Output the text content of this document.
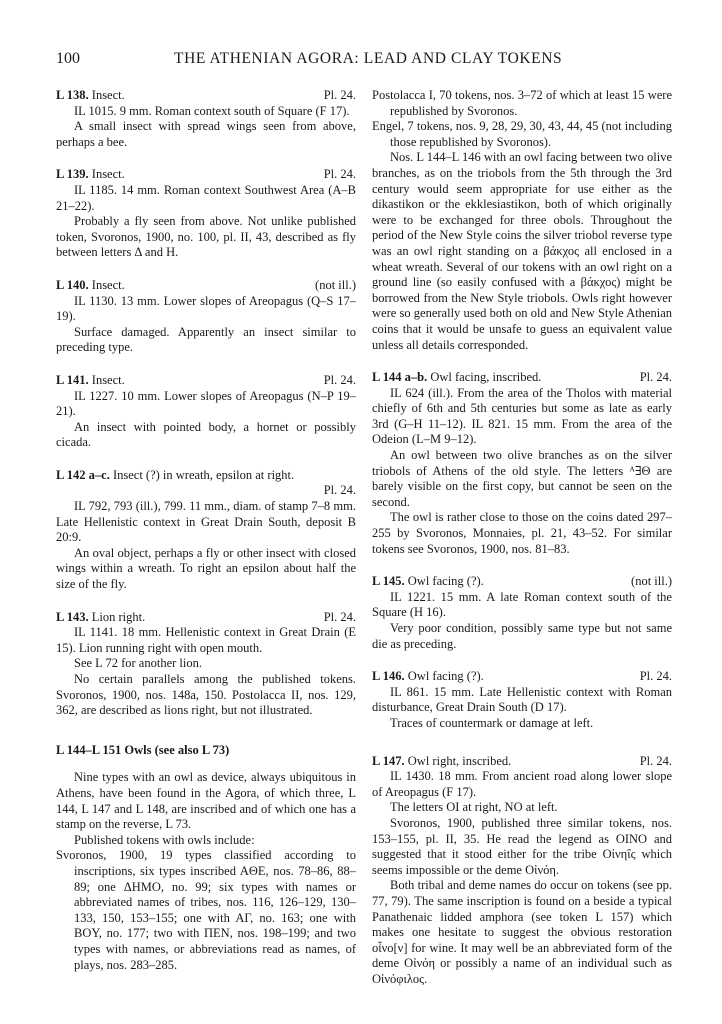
100	THE ATHENIAN AGORA: LEAD AND CLAY TOKENS
L 138. Insect.	Pl. 24.

IL 1015. 9 mm. Roman context south of Square (F 17).

A small insect with spread wings seen from above, perhaps a bee.

L 139. Insect.	Pl. 24.

IL 1185. 14 mm. Roman context Southwest Area (A–B 21–22).

Probably a fly seen from above. Not unlike published token, Svoronos, 1900, no. 100, pl. II, 43, described as fly between letters Δ and H.

L 140. Insect.	(not ill.)

IL 1130. 13 mm. Lower slopes of Areopagus (Q–S 17–19).

Surface damaged. Apparently an insect similar to preceding type.

L 141. Insect.	Pl. 24.

IL 1227. 10 mm. Lower slopes of Areopagus (N–P 19–21).

An insect with pointed body, a hornet or possibly cicada.

L 142 a–c. Insect (?) in wreath, epsilon at right.
Pl. 24.

IL 792, 793 (ill.), 799. 11 mm., diam. of stamp 7–8 mm. Late Hellenistic context in Great Drain South, deposit B 20:9.

An oval object, perhaps a fly or other insect with closed wings within a wreath. To right an epsilon about half the size of the fly.

L 143. Lion right.	Pl. 24.

IL 1141. 18 mm. Hellenistic context in Great Drain (E 15). Lion running right with open mouth.

See L 72 for another lion.

No certain parallels among the published tokens. Svoronos, 1900, nos. 148a, 150. Postolacca II, nos. 129, 362, are described as lions right, but not illustrated.

L 144–L 151 Owls (see also L 73)

Nine types with an owl as device, always ubiquitous in Athens, have been found in the Agora, of which three, L 144, L 147 and L 148, are inscribed and of which one has a stamp on the reverse, L 73.

Published tokens with owls include:

Svoronos, 1900, 19 types classified according to inscriptions, six types inscribed AΘE, nos. 78–86, 88–89; one ΔHMO, no. 99; six types with names or abbreviated names of tribes, nos. 116, 126–129, 130–133, 150, 153–155; one with AΓ, no. 163; one with BOY, no. 177; two with ΠEN, nos. 198–199; and two types with names, or abbreviations read as names, of plays, nos. 283–285.

Postolacca I, 70 tokens, nos. 3–72 of which at least 15 were republished by Svoronos.

Engel, 7 tokens, nos. 9, 28, 29, 30, 43, 44, 45 (not including those republished by Svoronos).

Nos. L 144–L 146 with an owl facing between two olive branches, as on the triobols from the 5th through the 3rd century would seem appropriate for use either as the dikastikon or the ekklesiastikon, both of which originally were to be exchanged for three obols. Throughout the period of the New Style coins the silver triobol reverse type was an owl right standing on a βάκχος all enclosed in a wheat wreath. Several of our tokens with an owl right on a ground line (so easily confused with a βάκχος) might be borrowed from the New Style triobols. Owls right however were so generally used both on old and New Style Athenian coins that it would be unsafe to guess an equivalent value unless all details corresponded.

L 144 a–b. Owl facing, inscribed.	Pl. 24.

IL 624 (ill.). From the area of the Tholos with material chiefly of 6th and 5th centuries but some as late as early 3rd (G–H 11–12). IL 821. 15 mm. From the area of the Odeion (L–M 9–12).

An owl between two olive branches as on the silver triobols of Athens of the old style. The letters ᴬ∃Θ are barely visible on the first copy, but cannot be seen on the second.

The owl is rather close to those on the coins dated 297–255 by Svoronos, Monnaies, pl. 21, 43–52. For similar tokens see Svoronos, 1900, nos. 81–83.

L 145. Owl facing (?).	(not ill.)

IL 1221. 15 mm. A late Roman context south of the Square (H 16).

Very poor condition, possibly same type but not same die as preceding.

L 146. Owl facing (?).	Pl. 24.

IL 861. 15 mm. Late Hellenistic context with Roman disturbance, Great Drain South (D 17).

Traces of countermark or damage at left.

L 147. Owl right, inscribed.	Pl. 24.

IL 1430. 18 mm. From ancient road along lower slope of Areopagus (F 17).

The letters OI at right, NO at left.

Svoronos, 1900, published three similar tokens, nos. 153–155, pl. II, 35. He read the legend as OINO and suggested that it stood either for the tribe Οἰνηΐς which seems impossible or the deme Οἰνόη.

Both tribal and deme names do occur on tokens (see pp. 77, 79). The same inscription is found on a beside a typical Panathenaic lidded amphora (see token L 157) which makes one hesitate to suggest the obvious restoration οἶνο[ν] for wine. It may well be an abbreviated form of the deme Οἰνόη or possibly a name of an individual such as Οἰνόφιλος.
